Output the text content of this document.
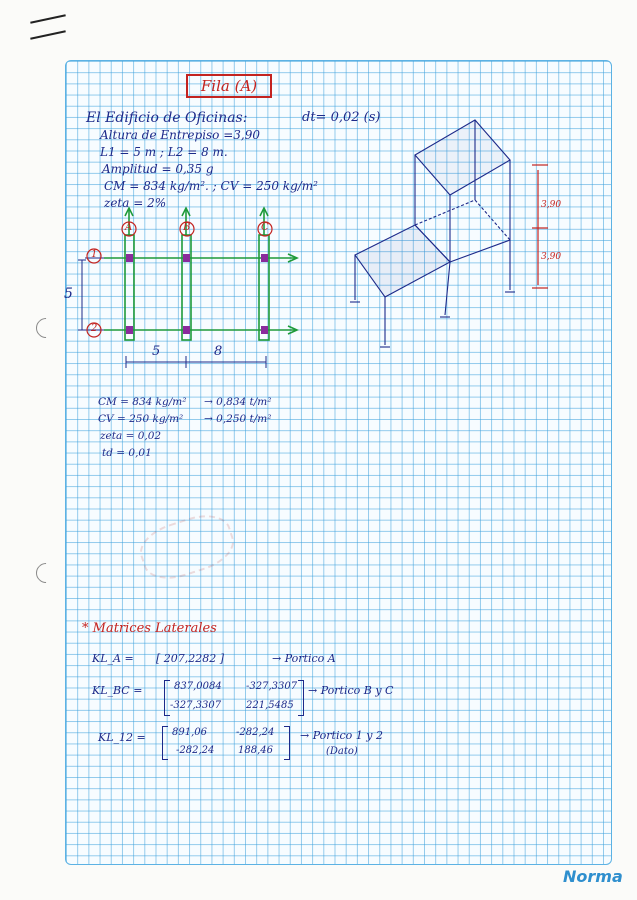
Fila (A)
El Edificio de Oficinas:	dt= 0,02 (s)
Altura de Entrepiso =3,90
L1 = 5 m ; L2 = 8 m.
Amplitud = 0,35 g
CM = 834 kg/m². ; CV = 250 kg/m²
zeta = 2%
A	B	C
1
2
5
5	8
3,90
3,90
CM = 834 kg/m² → 0,834 t/m²
CV = 250 kg/m² → 0,250 t/m²
zeta = 0,02
td = 0,01
* Matrices Laterales
KL_A = [ 207,2282 ]	→ Portico A
KL_BC =	837,0084 -327,3307
-327,3307 221,5485
→ Portico B y C
KL_12 =	891,06	-282,24
-282,24 188,46
→ Portico 1 y 2
(Dato)
Norma
